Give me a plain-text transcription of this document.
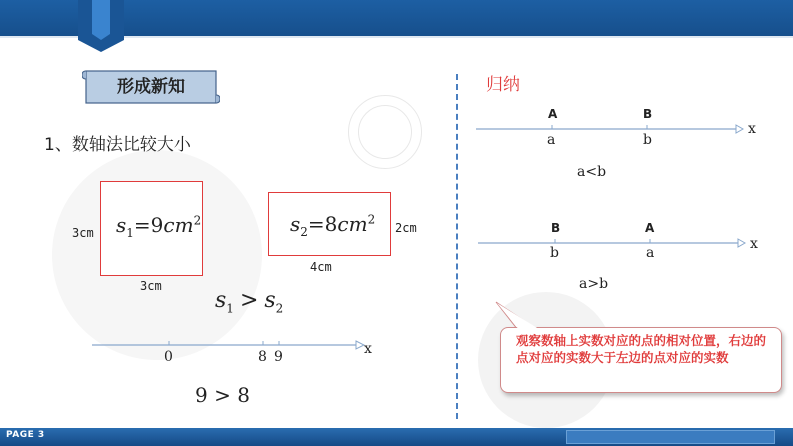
形成新知
1、数轴法比较大小
$s_1=9cm^2$
3cm
3cm
$s_2=8cm^2$
2cm
4cm
$s_1 > s_2$
0	8 9	x
9 > 8
归纳
A	B
a	b
x
a<b
B	A
b	a
x
a>b
观察数轴上实数对应的点的相对位置，右边的点对应的实数大于左边的点对应的实数
PAGE 3
